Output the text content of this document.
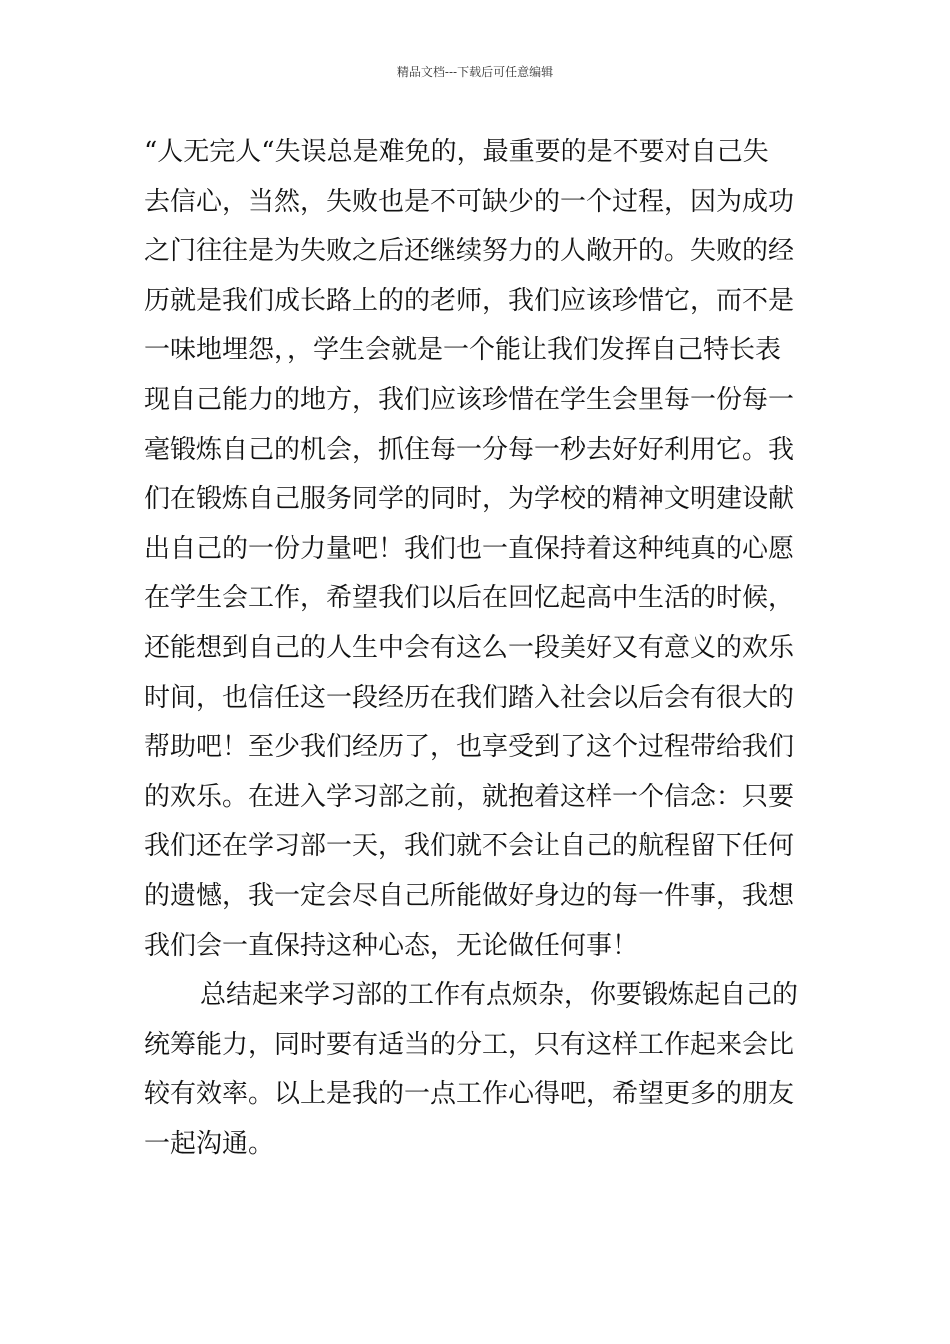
精品文档---下载后可任意编辑
“人无完人“失误总是难免的，最重要的是不要对自己失
去信心，当然，失败也是不可缺少的一个过程，因为成功
之门往往是为失败之后还继续努力的人敞开的。失败的经
历就是我们成长路上的的老师，我们应该珍惜它，而不是
一味地埋怨，，学生会就是一个能让我们发挥自己特长表
现自己能力的地方，我们应该珍惜在学生会里每一份每一
毫锻炼自己的机会，抓住每一分每一秒去好好利用它。我
们在锻炼自己服务同学的同时，为学校的精神文明建设献
出自己的一份力量吧！我们也一直保持着这种纯真的心愿
在学生会工作，希望我们以后在回忆起高中生活的时候，
还能想到自己的人生中会有这么一段美好又有意义的欢乐
时间，也信任这一段经历在我们踏入社会以后会有很大的
帮助吧！至少我们经历了，也享受到了这个过程带给我们
的欢乐。在进入学习部之前，就抱着这样一个信念：只要
我们还在学习部一天，我们就不会让自己的航程留下任何
的遗憾，我一定会尽自己所能做好身边的每一件事，我想
我们会一直保持这种心态，无论做任何事！
总结起来学习部的工作有点烦杂，你要锻炼起自己的
统筹能力，同时要有适当的分工，只有这样工作起来会比
较有效率。以上是我的一点工作心得吧，希望更多的朋友
一起沟通。
